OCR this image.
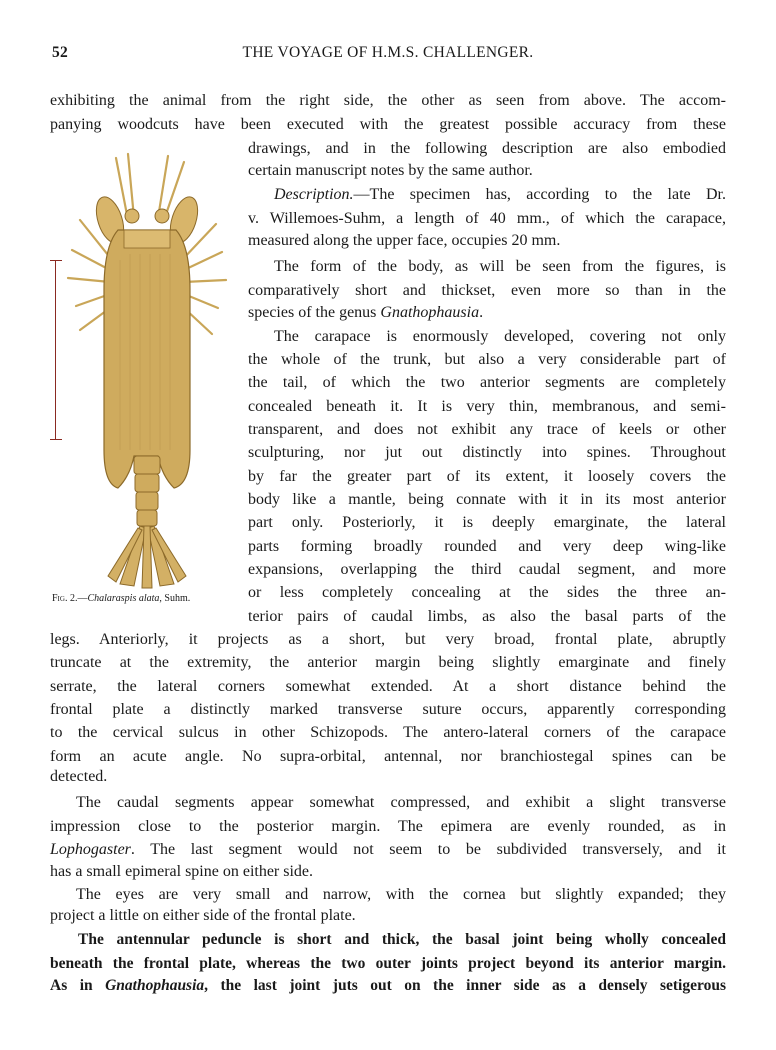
52	THE VOYAGE OF H.M.S. CHALLENGER.
Fig. 2.—Chalaraspis alata, Suhm.
exhibiting the animal from the right side, the other as seen from above. The accom-
panying woodcuts have been executed with the greatest possible accuracy from these
drawings, and in the following description are also embodied
certain manuscript notes by the same author.
Description.—The specimen has, according to the late Dr.
v. Willemoes-Suhm, a length of 40 mm., of which the carapace,
measured along the upper face, occupies 20 mm.
The form of the body, as will be seen from the figures, is
comparatively short and thickset, even more so than in the
species of the genus Gnathophausia.
The carapace is enormously developed, covering not only
the whole of the trunk, but also a very considerable part of
the tail, of which the two anterior segments are completely
concealed beneath it. It is very thin, membranous, and semi-
transparent, and does not exhibit any trace of keels or other
sculpturing, nor jut out distinctly into spines. Throughout
by far the greater part of its extent, it loosely covers the
body like a mantle, being connate with it in its most anterior
part only. Posteriorly, it is deeply emarginate, the lateral
parts forming broadly rounded and very deep wing-like
expansions, overlapping the third caudal segment, and more
or less completely concealing at the sides the three an-
terior pairs of caudal limbs, as also the basal parts of the
legs. Anteriorly, it projects as a short, but very broad, frontal plate, abruptly
truncate at the extremity, the anterior margin being slightly emarginate and finely
serrate, the lateral corners somewhat extended. At a short distance behind the
frontal plate a distinctly marked transverse suture occurs, apparently corresponding
to the cervical sulcus in other Schizopods. The antero-lateral corners of the carapace
form an acute angle. No supra-orbital, antennal, nor branchiostegal spines can be
detected.
The caudal segments appear somewhat compressed, and exhibit a slight transverse
impression close to the posterior margin. The epimera are evenly rounded, as in
Lophogaster. The last segment would not seem to be subdivided transversely, and it
has a small epimeral spine on either side.
The eyes are very small and narrow, with the cornea but slightly expanded; they
project a little on either side of the frontal plate.
The antennular peduncle is short and thick, the basal joint being wholly concealed
beneath the frontal plate, whereas the two outer joints project beyond its anterior margin.
As in Gnathophausia, the last joint juts out on the inner side as a densely setigerous
